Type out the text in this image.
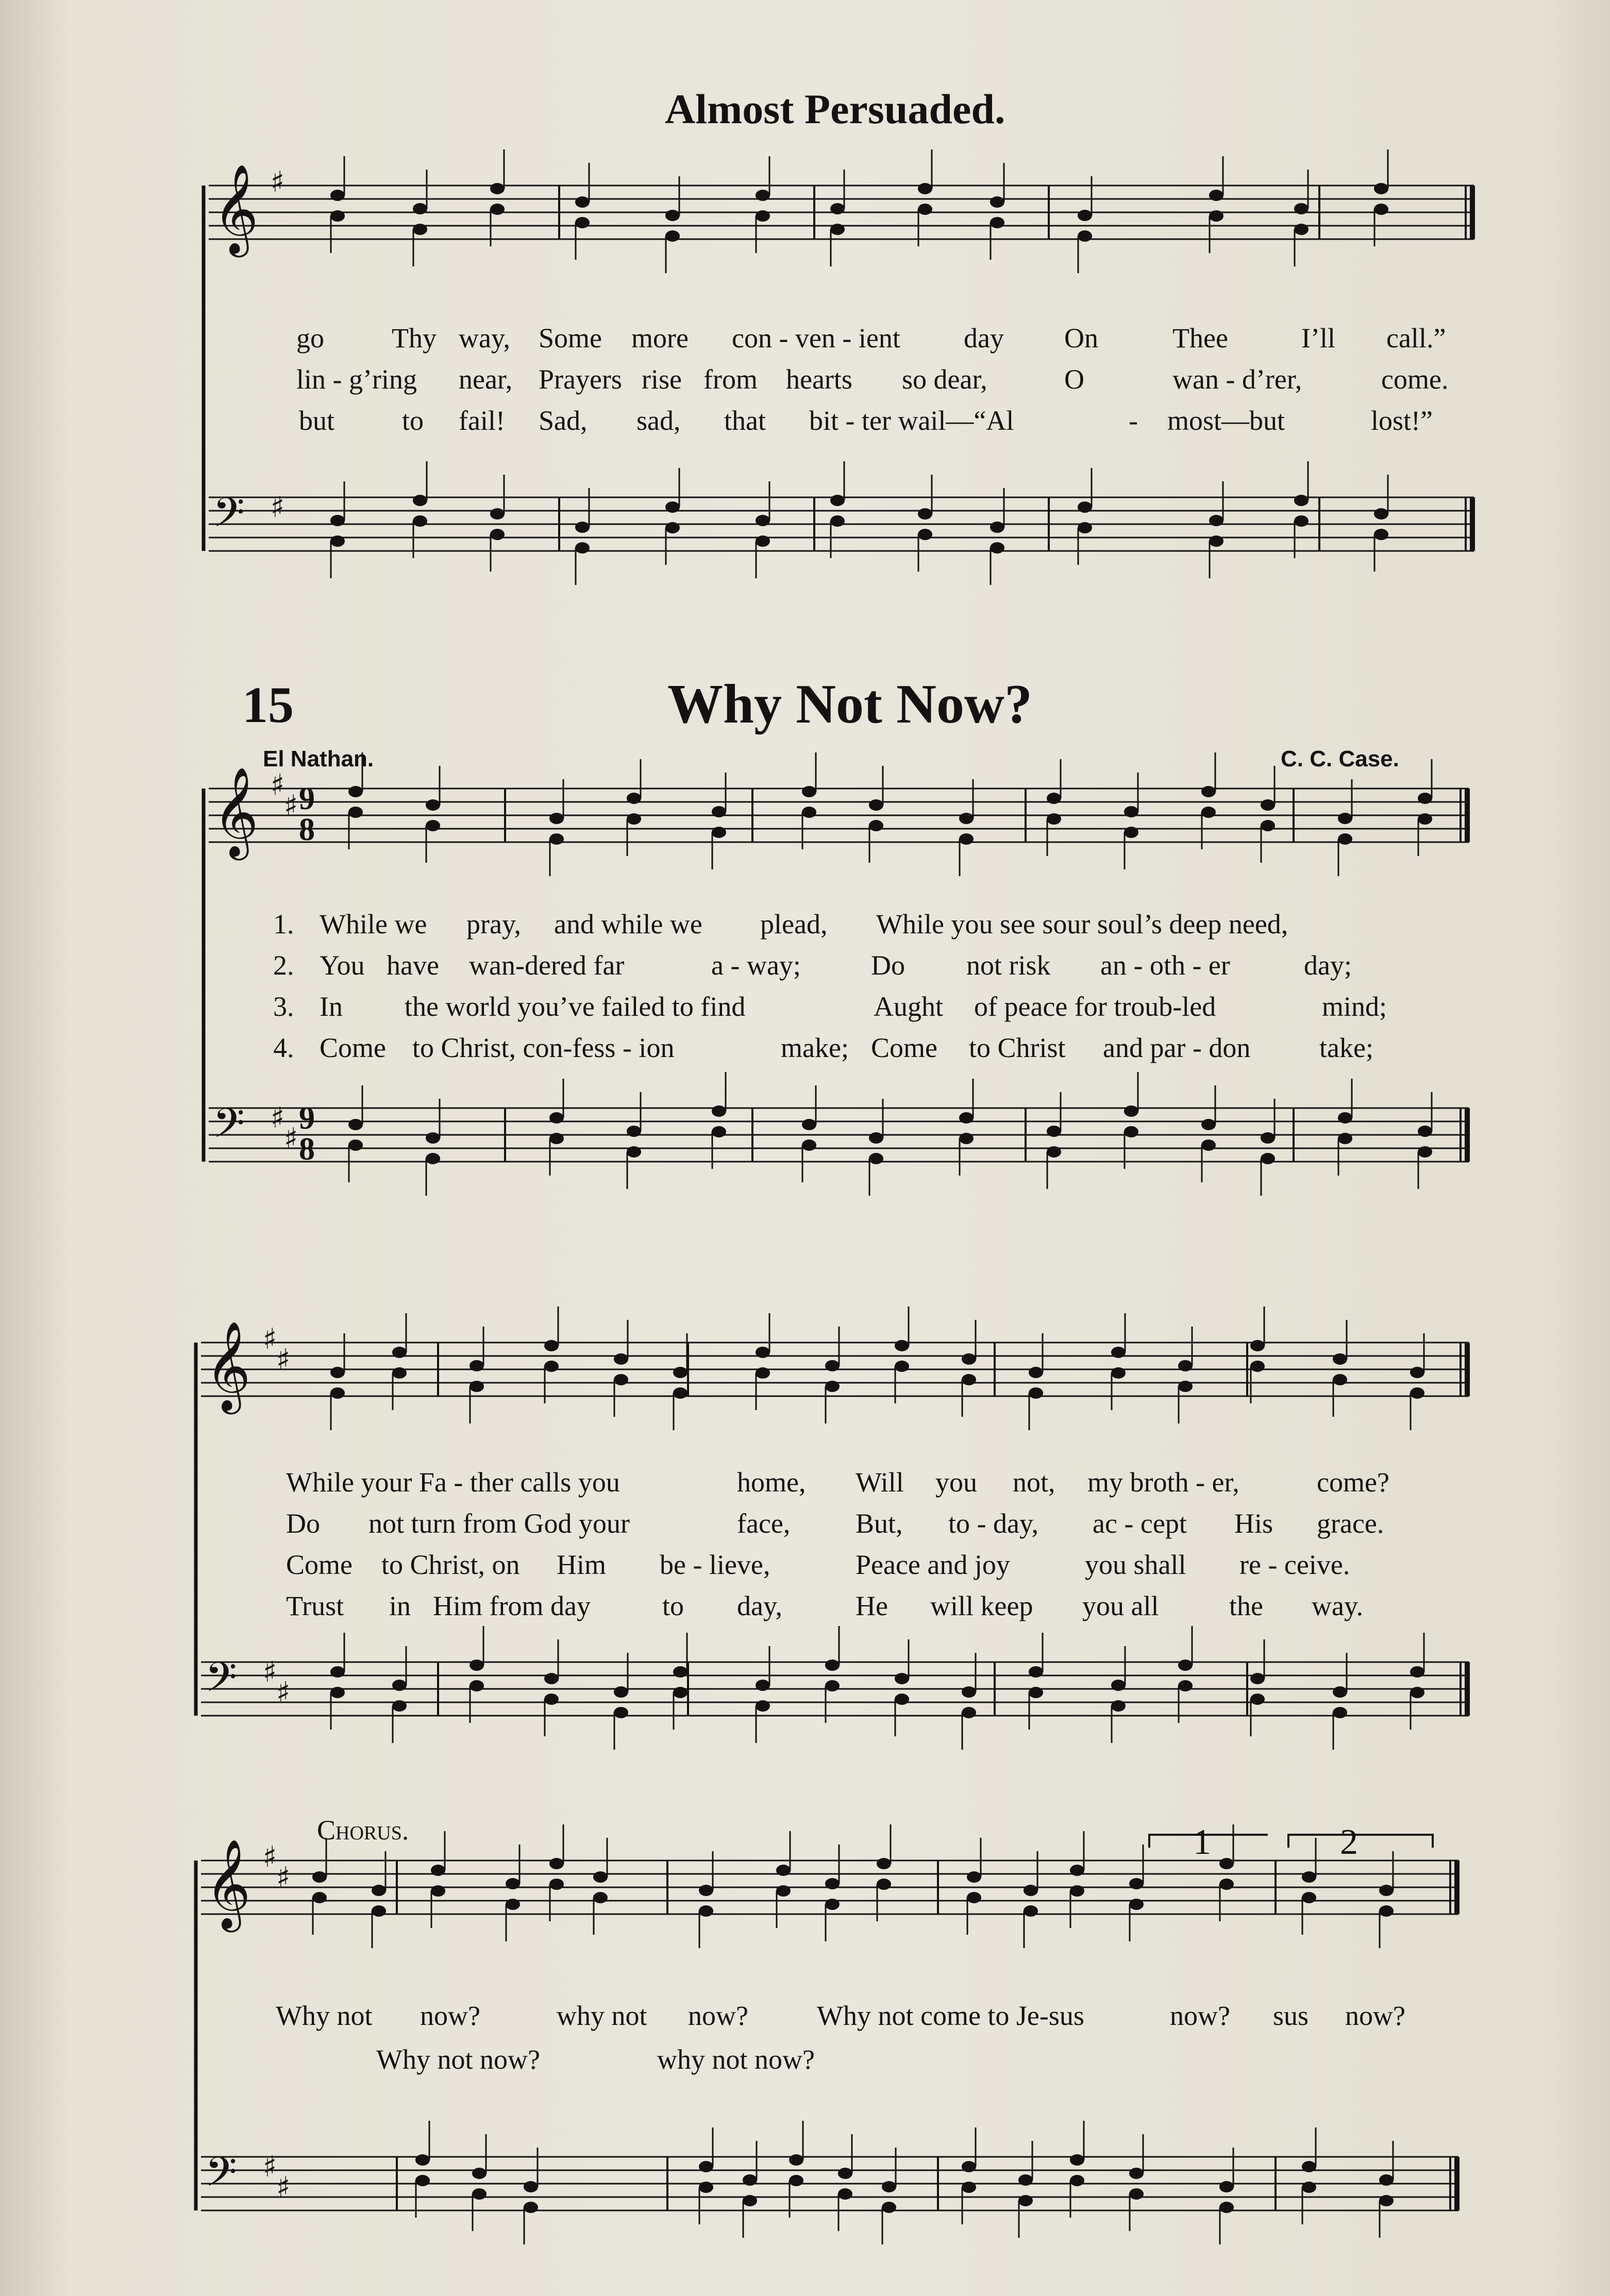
𝄞 ♯
𝄢 ♯
𝄞 ♯
♯
𝄢 ♯
♯
𝄞 ♯
♯
𝄢 ♯
♯
𝄞 ♯
♯
𝄢 ♯
♯
Almost Persuaded.
go Thy way, Some more con - ven - ient day On	Thee	I’ll call.”
lin - g’ring near, Prayers rise from hearts so dear,	O	wan - d’rer,	come.
but to fail! Sad, sad, that bit - ter wail—“Al	- most—but	lost!”
15	Why Not Now?
El Nathan.	C. C. Case.
9
8
9
8
1. While we pray, and while we plead, While you see sour soul’s deep need,
2. You have wan-dered far	a - way;	Do not risk an - oth - er	day;
3. In the world you’ve failed to find	Aught of peace for troub-led	mind;
4. Come to Christ, con-fess - ion	make; Come to Christ and par - don take;
While your Fa - ther calls you	home, Will you not, my broth - er,	come?
Do not turn from God your	face, But, to - day, ac - cept His grace.
Come to Christ, on Him be - lieve,	Peace and joy	you shall re - ceive.
Trust in Him from day	to day,	He will keep you all	the way.
Chorus.	1	2
Why not now?	why not now? Why not come to Je-sus	now? sus now?
Why not now?	why not now?
